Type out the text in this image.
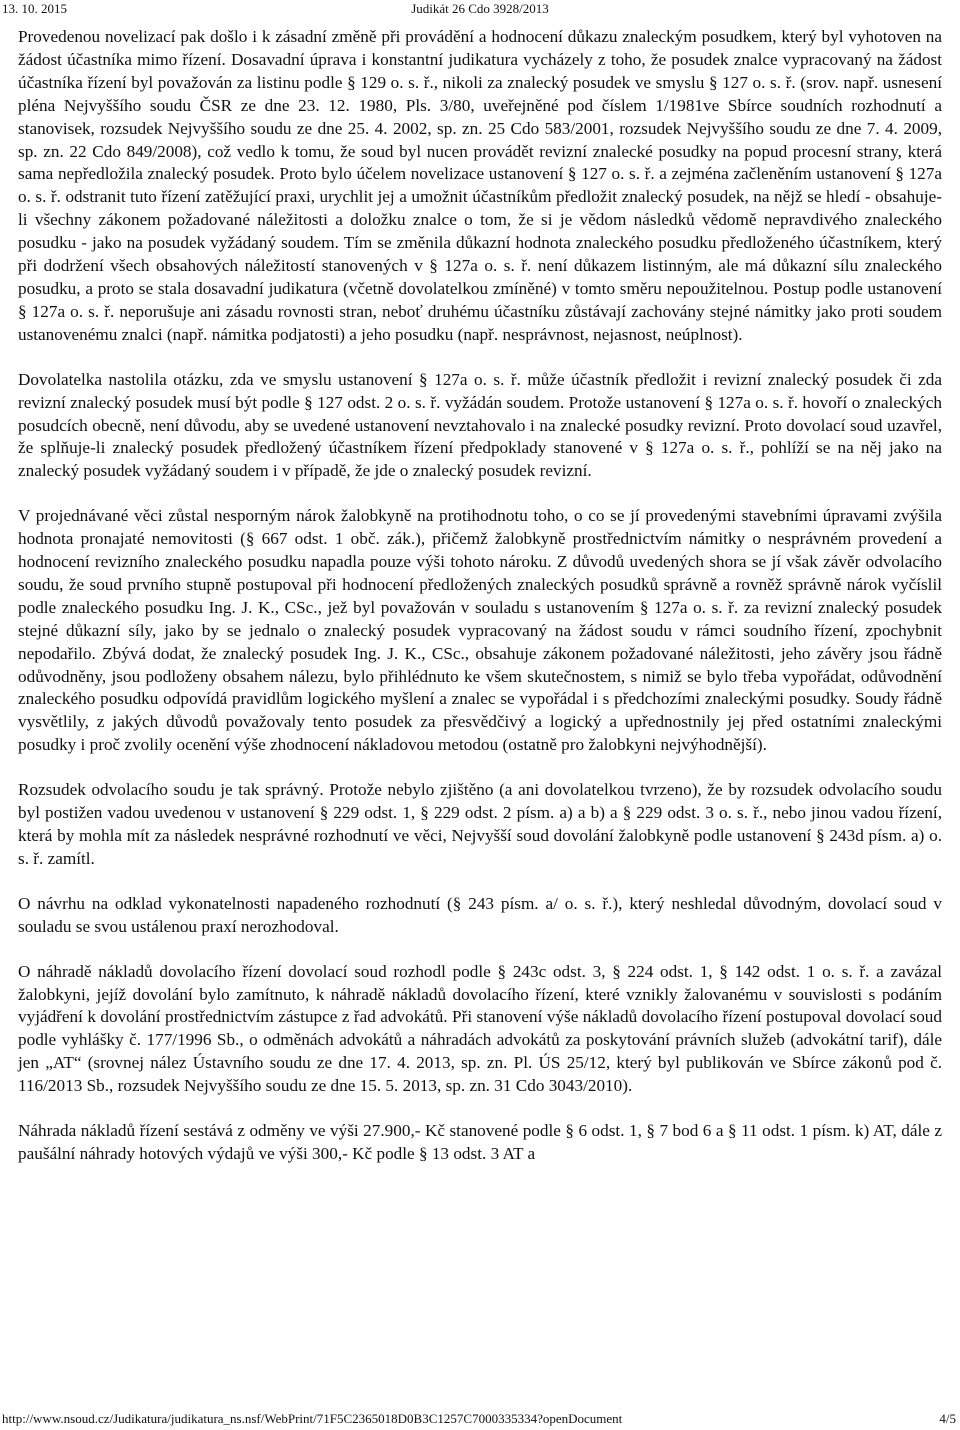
13. 10. 2015	Judikát 26 Cdo 3928/2013

Provedenou novelizací pak došlo i k zásadní změně při provádění a hodnocení důkazu znaleckým posudkem, který byl vyhotoven na žádost účastníka mimo řízení. Dosavadní úprava i konstantní judikatura vycházely z toho, že posudek znalce vypracovaný na žádost účastníka řízení byl považován za listinu podle § 129 o. s. ř., nikoli za znalecký posudek ve smyslu § 127 o. s. ř. (srov. např. usnesení pléna Nejvyššího soudu ČSR ze dne 23. 12. 1980, Pls. 3/80, uveřejněné pod číslem 1/1981ve Sbírce soudních rozhodnutí a stanovisek, rozsudek Nejvyššího soudu ze dne 25. 4. 2002, sp. zn. 25 Cdo 583/2001, rozsudek Nejvyššího soudu ze dne 7. 4. 2009, sp. zn. 22 Cdo 849/2008), což vedlo k tomu, že soud byl nucen provádět revizní znalecké posudky na popud procesní strany, která sama nepředložila znalecký posudek. Proto bylo účelem novelizace ustanovení § 127 o. s. ř. a zejména začleněním ustanovení § 127a o. s. ř. odstranit tuto řízení zatěžující praxi, urychlit jej a umožnit účastníkům předložit znalecký posudek, na nějž se hledí - obsahuje-li všechny zákonem požadované náležitosti a doložku znalce o tom, že si je vědom následků vědomě nepravdivého znaleckého posudku - jako na posudek vyžádaný soudem. Tím se změnila důkazní hodnota znaleckého posudku předloženého účastníkem, který při dodržení všech obsahových náležitostí stanovených v § 127a o. s. ř. není důkazem listinným, ale má důkazní sílu znaleckého posudku, a proto se stala dosavadní judikatura (včetně dovolatelkou zmíněné) v tomto směru nepoužitelnou. Postup podle ustanovení § 127a o. s. ř. neporušuje ani zásadu rovnosti stran, neboť druhému účastníku zůstávají zachovány stejné námitky jako proti soudem ustanovenému znalci (např. námitka podjatosti) a jeho posudku (např. nesprávnost, nejasnost, neúplnost).

Dovolatelka nastolila otázku, zda ve smyslu ustanovení § 127a o. s. ř. může účastník předložit i revizní znalecký posudek či zda revizní znalecký posudek musí být podle § 127 odst. 2 o. s. ř. vyžádán soudem. Protože ustanovení § 127a o. s. ř. hovoří o znaleckých posudcích obecně, není důvodu, aby se uvedené ustanovení nevztahovalo i na znalecké posudky revizní. Proto dovolací soud uzavřel, že splňuje-li znalecký posudek předložený účastníkem řízení předpoklady stanovené v § 127a o. s. ř., pohlíží se na něj jako na znalecký posudek vyžádaný soudem i v případě, že jde o znalecký posudek revizní.

V projednávané věci zůstal nesporným nárok žalobkyně na protihodnotu toho, o co se jí provedenými stavebními úpravami zvýšila hodnota pronajaté nemovitosti (§ 667 odst. 1 obč. zák.), přičemž žalobkyně prostřednictvím námitky o nesprávném provedení a hodnocení revizního znaleckého posudku napadla pouze výši tohoto nároku. Z důvodů uvedených shora se jí však závěr odvolacího soudu, že soud prvního stupně postupoval při hodnocení předložených znaleckých posudků správně a rovněž správně nárok vyčíslil podle znaleckého posudku Ing. J. K., CSc., jež byl považován v souladu s ustanovením § 127a o. s. ř. za revizní znalecký posudek stejné důkazní síly, jako by se jednalo o znalecký posudek vypracovaný na žádost soudu v rámci soudního řízení, zpochybnit nepodařilo. Zbývá dodat, že znalecký posudek Ing. J. K., CSc., obsahuje zákonem požadované náležitosti, jeho závěry jsou řádně odůvodněny, jsou podloženy obsahem nálezu, bylo přihlédnuto ke všem skutečnostem, s nimiž se bylo třeba vypořádat, odůvodnění znaleckého posudku odpovídá pravidlům logického myšlení a znalec se vypořádal i s předchozími znaleckými posudky. Soudy řádně vysvětlily, z jakých důvodů považovaly tento posudek za přesvědčivý a logický a upřednostnily jej před ostatními znaleckými posudky i proč zvolily ocenění výše zhodnocení nákladovou metodou (ostatně pro žalobkyni nejvýhodnější).

Rozsudek odvolacího soudu je tak správný. Protože nebylo zjištěno (a ani dovolatelkou tvrzeno), že by rozsudek odvolacího soudu byl postižen vadou uvedenou v ustanovení § 229 odst. 1, § 229 odst. 2 písm. a) a b) a § 229 odst. 3 o. s. ř., nebo jinou vadou řízení, která by mohla mít za následek nesprávné rozhodnutí ve věci, Nejvyšší soud dovolání žalobkyně podle ustanovení § 243d písm. a) o. s. ř. zamítl.

O návrhu na odklad vykonatelnosti napadeného rozhodnutí (§ 243 písm. a/ o. s. ř.), který neshledal důvodným, dovolací soud v souladu se svou ustálenou praxí nerozhodoval.

O náhradě nákladů dovolacího řízení dovolací soud rozhodl podle § 243c odst. 3, § 224 odst. 1, § 142 odst. 1 o. s. ř. a zavázal žalobkyni, jejíž dovolání bylo zamítnuto, k náhradě nákladů dovolacího řízení, které vznikly žalovanému v souvislosti s podáním vyjádření k dovolání prostřednictvím zástupce z řad advokátů. Při stanovení výše nákladů dovolacího řízení postupoval dovolací soud podle vyhlášky č. 177/1996 Sb., o odměnách advokátů a náhradách advokátů za poskytování právních služeb (advokátní tarif), dále jen „AT“ (srovnej nález Ústavního soudu ze dne 17. 4. 2013, sp. zn. Pl. ÚS 25/12, který byl publikován ve Sbírce zákonů pod č. 116/2013 Sb., rozsudek Nejvyššího soudu ze dne 15. 5. 2013, sp. zn. 31 Cdo 3043/2010).

Náhrada nákladů řízení sestává z odměny ve výši 27.900,- Kč stanovené podle § 6 odst. 1, § 7 bod 6 a § 11 odst. 1 písm. k) AT, dále z paušální náhrady hotových výdajů ve výši 300,- Kč podle § 13 odst. 3 AT a

http://www.nsoud.cz/Judikatura/judikatura_ns.nsf/WebPrint/71F5C2365018D0B3C1257C7000335334?openDocument	4/5
